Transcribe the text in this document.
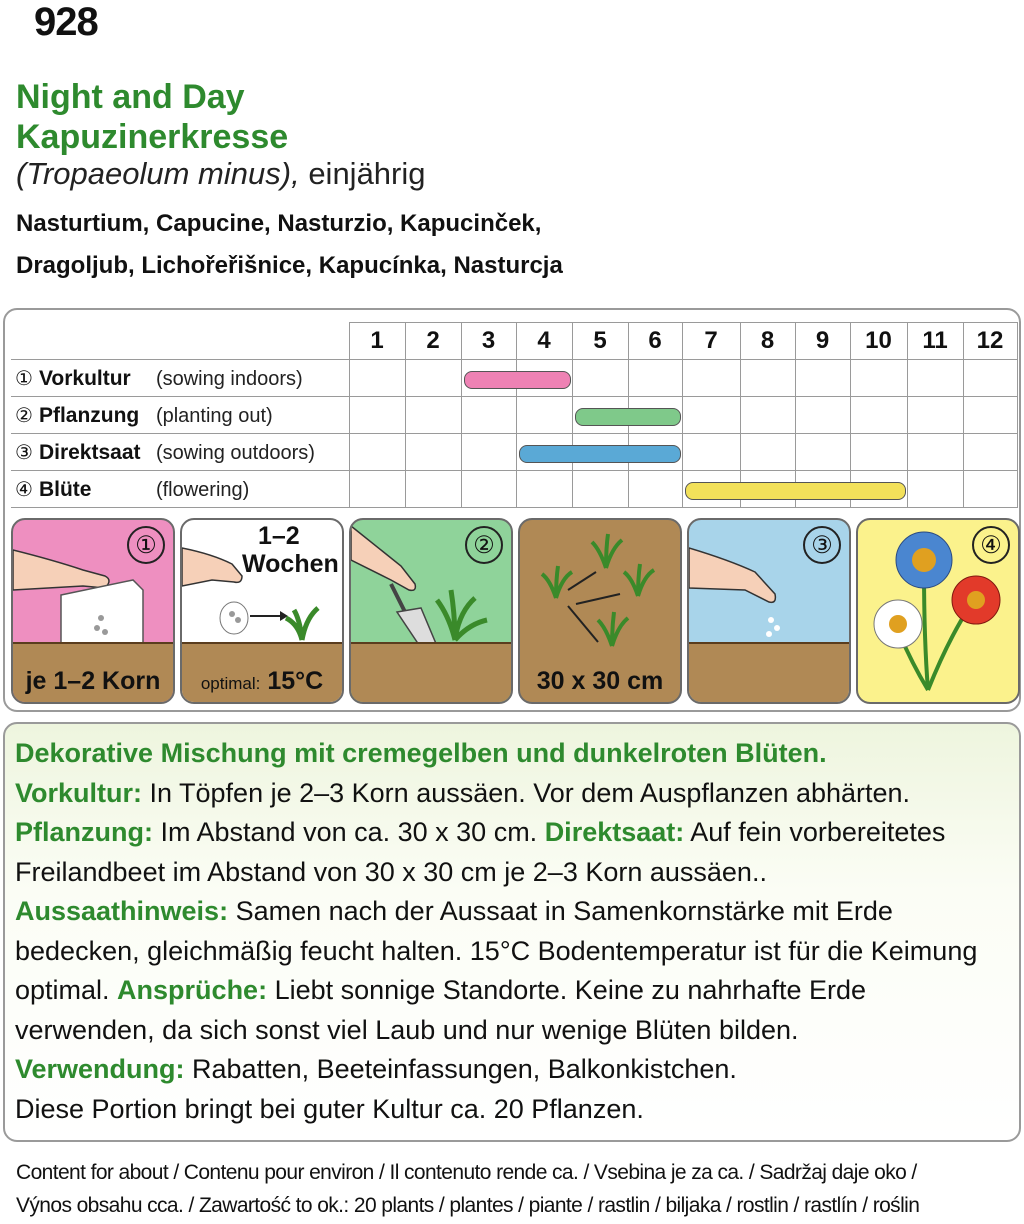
928
Night and Day
Kapuzinerkresse
(Tropaeolum minus), einjährig
Nasturtium, Capucine, Nasturzio, Kapucinček,
Dragoljub, Lichořeřišnice, Kapucínka, Nasturcja
	1	2	3	4	5	6	7	8	9	10	11	12
① Vorkultur (sowing indoors)												
② Pflanzung (planting out)												
③ Direktsaat (sowing outdoors)												
④ Blüte (flowering)												
①
je 1–2 Korn
1–2
Wochen
optimal: 15°C
②
30 x 30 cm
③	④
Dekorative Mischung mit cremegelben und dunkelroten Blüten.
Vorkultur: In Töpfen je 2–3 Korn aussäen. Vor dem Auspflanzen abhärten.
Pflanzung: Im Abstand von ca. 30 x 30 cm. Direktsaat: Auf fein vorbereitetes Freilandbeet im Abstand von 30 x 30 cm je 2–3 Korn aussäen..
Aussaathinweis: Samen nach der Aussaat in Samenkornstärke mit Erde bedecken, gleichmäßig feucht halten. 15°C Bodentemperatur ist für die Keimung optimal. Ansprüche: Liebt sonnige Standorte. Keine zu nahrhafte Erde verwenden, da sich sonst viel Laub und nur wenige Blüten bilden.
Verwendung: Rabatten, Beeteinfassungen, Balkonkistchen.
Diese Portion bringt bei guter Kultur ca. 20 Pflanzen.
Content for about / Contenu pour environ / Il contenuto rende ca. / Vsebina je za ca. / Sadržaj daje oko /
Výnos obsahu cca. / Zawartość to ok.: 20 plants / plantes / piante / rastlin / biljaka / rostlin / rastlín / roślin
